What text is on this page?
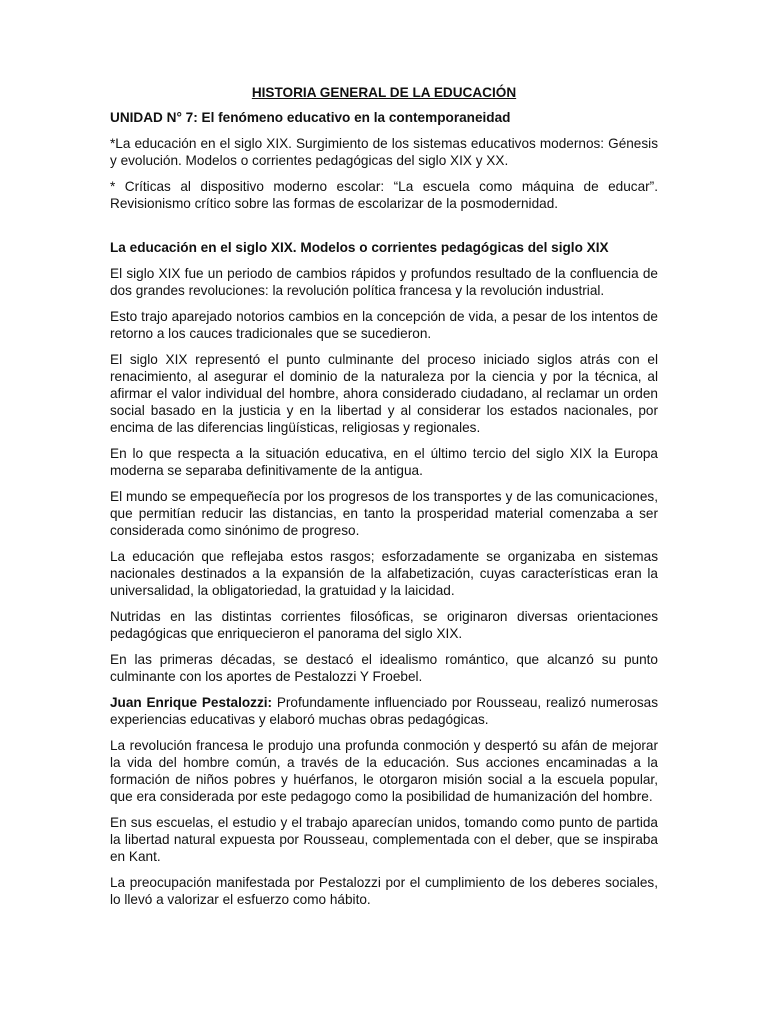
HISTORIA GENERAL DE LA EDUCACIÓN
UNIDAD N° 7: El fenómeno educativo en la contemporaneidad

*La educación en el siglo XIX. Surgimiento de los sistemas educativos modernos: Génesis y evolución. Modelos o corrientes pedagógicas del siglo XIX y XX.

* Críticas al dispositivo moderno escolar: “La escuela como máquina de educar”. Revisionismo crítico sobre las formas de escolarizar de la posmodernidad.

La educación en el siglo XIX. Modelos o corrientes pedagógicas del siglo XIX

El siglo XIX fue un periodo de cambios rápidos y profundos resultado de la confluencia de dos grandes revoluciones: la revolución política francesa y la revolución industrial.

Esto trajo aparejado notorios cambios en la concepción de vida, a pesar de los intentos de retorno a los cauces tradicionales que se sucedieron.

El siglo XIX representó el punto culminante del proceso iniciado siglos atrás con el renacimiento, al asegurar el dominio de la naturaleza por la ciencia y por la técnica, al afirmar el valor individual del hombre, ahora considerado ciudadano, al reclamar un orden social basado en la justicia y en la libertad y al considerar los estados nacionales, por encima de las diferencias lingüísticas, religiosas y regionales.

En lo que respecta a la situación educativa, en el último tercio del siglo XIX la Europa moderna se separaba definitivamente de la antigua.

El mundo se empequeñecía por los progresos de los transportes y de las comunicaciones, que permitían reducir las distancias, en tanto la prosperidad material comenzaba a ser considerada como sinónimo de progreso.

La educación que reflejaba estos rasgos; esforzadamente se organizaba en sistemas nacionales destinados a la expansión de la alfabetización, cuyas características eran la universalidad, la obligatoriedad, la gratuidad y la laicidad.

Nutridas en las distintas corrientes filosóficas, se originaron diversas orientaciones pedagógicas que enriquecieron el panorama del siglo XIX.

En las primeras décadas, se destacó el idealismo romántico, que alcanzó su punto culminante con los aportes de Pestalozzi Y Froebel.

Juan Enrique Pestalozzi: Profundamente influenciado por Rousseau, realizó numerosas experiencias educativas y elaboró muchas obras pedagógicas.

La revolución francesa le produjo una profunda conmoción y despertó su afán de mejorar la vida del hombre común, a través de la educación. Sus acciones encaminadas a la formación de niños pobres y huérfanos, le otorgaron misión social a la escuela popular, que era considerada por este pedagogo como la posibilidad de humanización del hombre.

En sus escuelas, el estudio y el trabajo aparecían unidos, tomando como punto de partida la libertad natural expuesta por Rousseau, complementada con el deber, que se inspiraba en Kant.

La preocupación manifestada por Pestalozzi por el cumplimiento de los deberes sociales, lo llevó a valorizar el esfuerzo como hábito.
